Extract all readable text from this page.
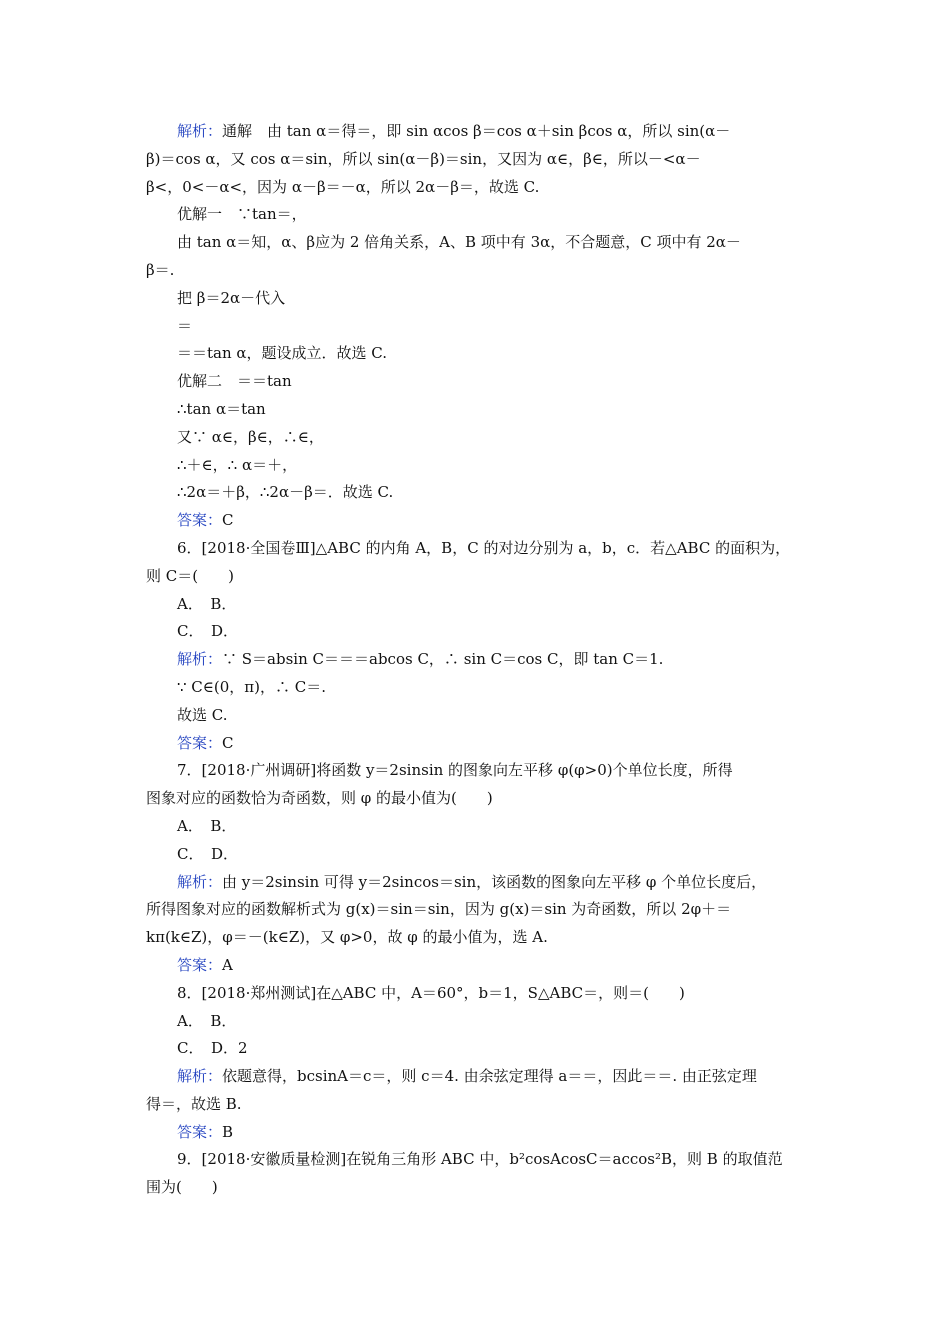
解析：通解　由 tan α＝得＝，即 sin αcos β＝cos α＋sin βcos α，所以 sin(α－
β)＝cos α，又 cos α＝sin，所以 sin(α－β)＝sin，又因为 α∈，β∈，所以－<α－
β<，0<－α<，因为 α－β＝－α，所以 2α－β＝，故选 C.
优解一　∵tan＝，
由 tan α＝知，α、β应为 2 倍角关系，A、B 项中有 3α，不合题意，C 项中有 2α－
β＝.
把 β＝2α－代入
＝
＝＝tan α，题设成立．故选 C.
优解二　＝＝tan
∴tan α＝tan
又∵ α∈，β∈，∴∈，
∴＋∈，∴ α＝＋，
∴2α＝＋β，∴2α－β＝．故选 C.
答案：C
6．[2018·全国卷Ⅲ]△ABC 的内角 A，B，C 的对边分别为 a，b，c．若△ABC 的面积为，
则 C＝(　　)
A．　B．
C．　D．
解析：∵ S＝absin C＝＝＝abcos C，∴ sin C＝cos C，即 tan C＝1.
∵ C∈(0，π)，∴ C＝.
故选 C.
答案：C
7．[2018·广州调研]将函数 y＝2sinsin 的图象向左平移 φ(φ>0)个单位长度，所得
图象对应的函数恰为奇函数，则 φ 的最小值为(　　)
A．　B．
C．　D．
解析：由 y＝2sinsin 可得 y＝2sincos＝sin，该函数的图象向左平移 φ 个单位长度后，
所得图象对应的函数解析式为 g(x)＝sin＝sin，因为 g(x)＝sin 为奇函数，所以 2φ＋＝
kπ(k∈Z)，φ＝－(k∈Z)，又 φ>0，故 φ 的最小值为，选 A.
答案：A
8．[2018·郑州测试]在△ABC 中，A＝60°，b＝1，S△ABC＝，则＝(　　)
A．　B．
C．　D．2
解析：依题意得，bcsinA＝c＝，则 c＝4. 由余弦定理得 a＝＝，因此＝＝. 由正弦定理
得＝，故选 B.
答案：B
9．[2018·安徽质量检测]在锐角三角形 ABC 中，b²cosAcosC＝accos²B，则 B 的取值范
围为(　　)
